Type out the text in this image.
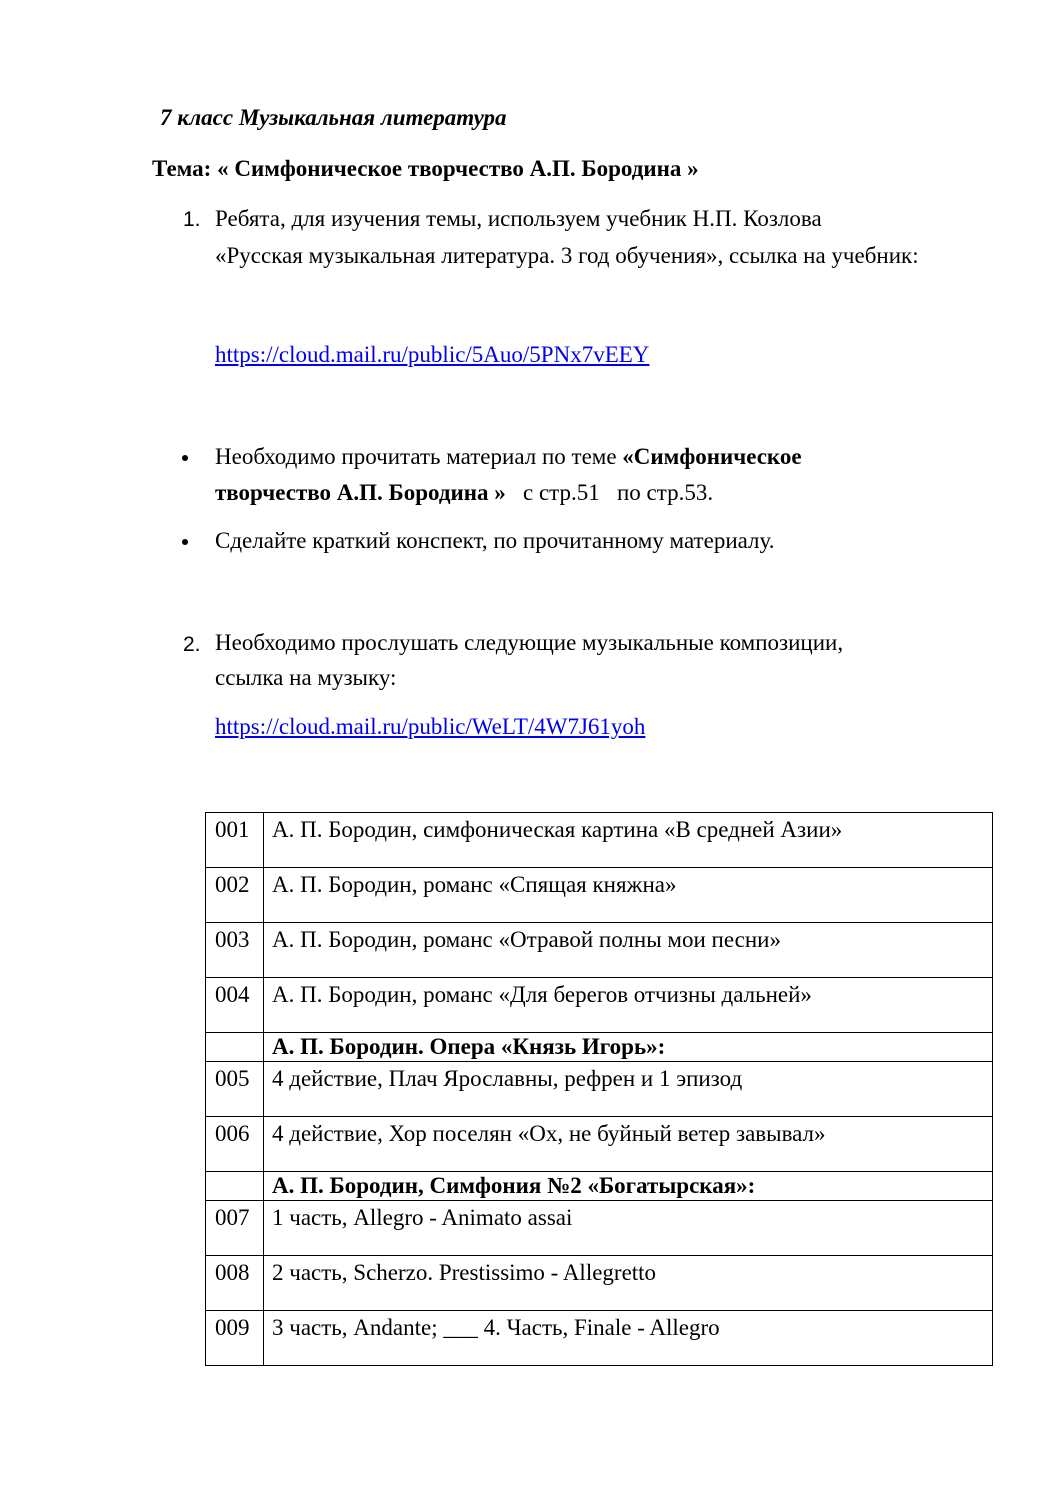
7 класс Музыкальная литература
Тема: « Симфоническое творчество А.П. Бородина »
1. Ребята, для изучения темы, используем учебник Н.П. Козлова
«Русская музыкальная литература. 3 год обучения», ссылка на учебник:
https://cloud.mail.ru/public/5Auo/5PNx7vEEY
Необходимо прочитать материал по теме «Симфоническое
творчество А.П. Бородина »   с стр.51   по стр.53.
Сделайте краткий конспект, по прочитанному материалу.
2. Необходимо прослушать следующие музыкальные композиции,
ссылка на музыку:
https://cloud.mail.ru/public/WeLT/4W7J61yoh
001	А. П. Бородин, симфоническая картина «В средней Азии»
002	А. П. Бородин, романс «Спящая княжна»
003	А. П. Бородин, романс «Отравой полны мои песни»
004	А. П. Бородин, романс «Для берегов отчизны дальней»
	А. П. Бородин. Опера «Князь Игорь»:
005	4 действие, Плач Ярославны, рефрен и 1 эпизод
006	4 действие, Хор поселян «Ох, не буйный ветер завывал»
	А. П. Бородин, Симфония №2 «Богатырская»:
007	1 часть, Allegro - Animato assai
008	2 часть, Scherzo. Prestissimo - Allegretto
009	3 часть, Andante; ___ 4. Часть, Finale - Allegro
